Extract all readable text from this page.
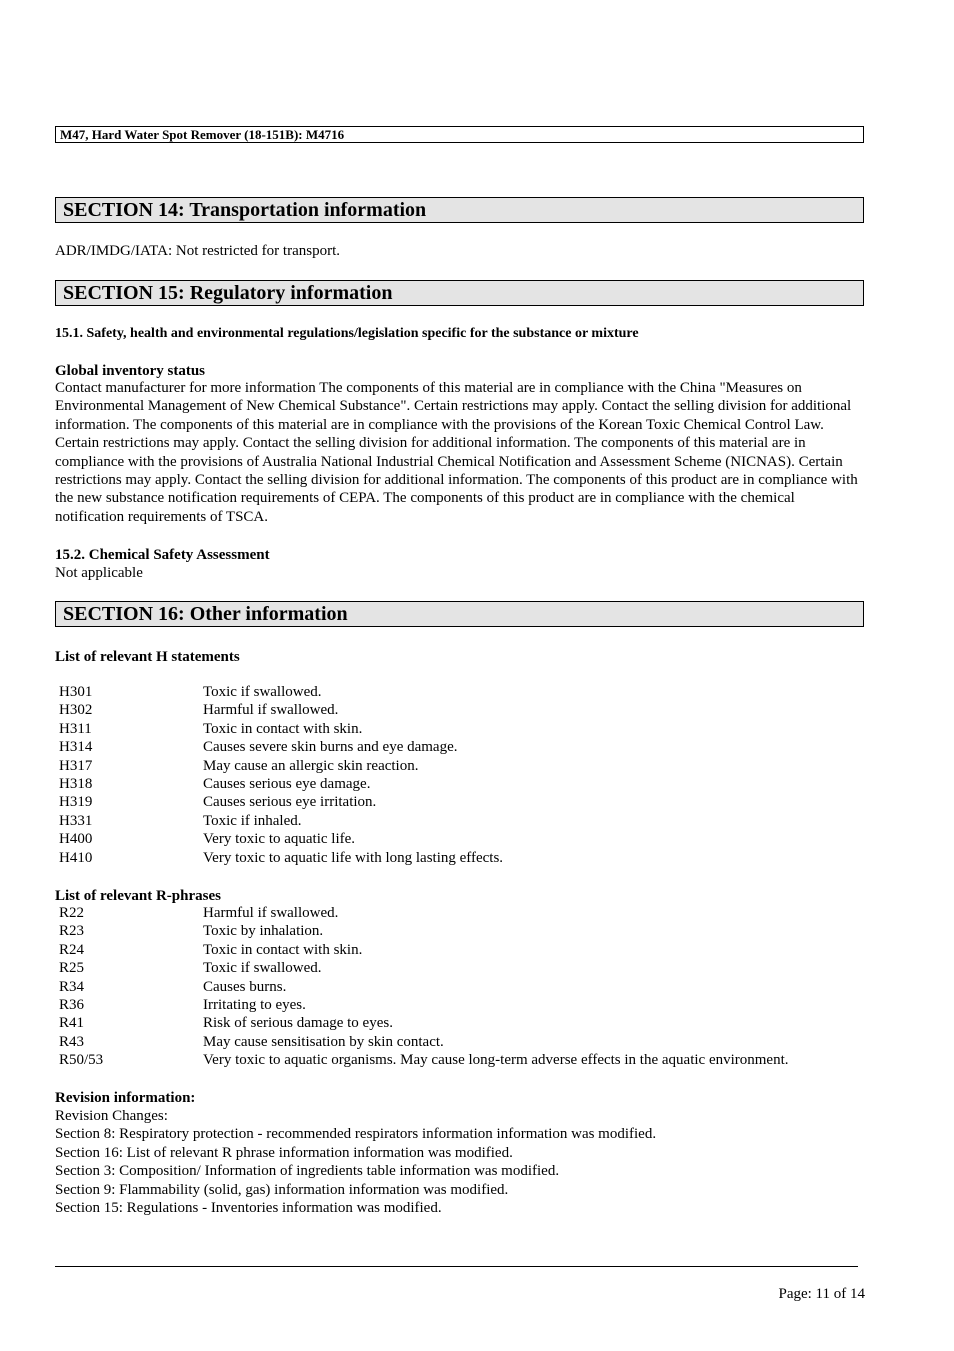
M47, Hard Water Spot Remover (18-151B): M4716
SECTION 14: Transportation information
ADR/IMDG/IATA: Not restricted for transport.
SECTION 15: Regulatory information
15.1. Safety, health and environmental regulations/legislation specific for the substance or mixture
Global inventory status
Contact manufacturer for more information The components of this material are in compliance with the China "Measures on Environmental Management of New Chemical Substance". Certain restrictions may apply. Contact the selling division for additional information. The components of this material are in compliance with the provisions of the Korean Toxic Chemical Control Law. Certain restrictions may apply. Contact the selling division for additional information. The components of this material are in compliance with the provisions of Australia National Industrial Chemical Notification and Assessment Scheme (NICNAS). Certain restrictions may apply. Contact the selling division for additional information. The components of this product are in compliance with the new substance notification requirements of CEPA. The components of this product are in compliance with the chemical notification requirements of TSCA.
15.2. Chemical Safety Assessment
Not applicable
SECTION 16: Other information
List of relevant H statements
H301	Toxic if swallowed.
H302	Harmful if swallowed.
H311	Toxic in contact with skin.
H314	Causes severe skin burns and eye damage.
H317	May cause an allergic skin reaction.
H318	Causes serious eye damage.
H319	Causes serious eye irritation.
H331	Toxic if inhaled.
H400	Very toxic to aquatic life.
H410	Very toxic to aquatic life with long lasting effects.
List of relevant R-phrases
R22	Harmful if swallowed.
R23	Toxic by inhalation.
R24	Toxic in contact with skin.
R25	Toxic if swallowed.
R34	Causes burns.
R36	Irritating to eyes.
R41	Risk of serious damage to eyes.
R43	May cause sensitisation by skin contact.
R50/53	Very toxic to aquatic organisms. May cause long-term adverse effects in the aquatic environment.
Revision information:
Revision Changes:
Section 8: Respiratory protection - recommended respirators information information was modified.
Section 16: List of relevant R phrase information information was modified.
Section 3: Composition/ Information of ingredients table information was modified.
Section 9: Flammability (solid, gas) information information was modified.
Section 15: Regulations - Inventories information was modified.
Page: 11 of 14
